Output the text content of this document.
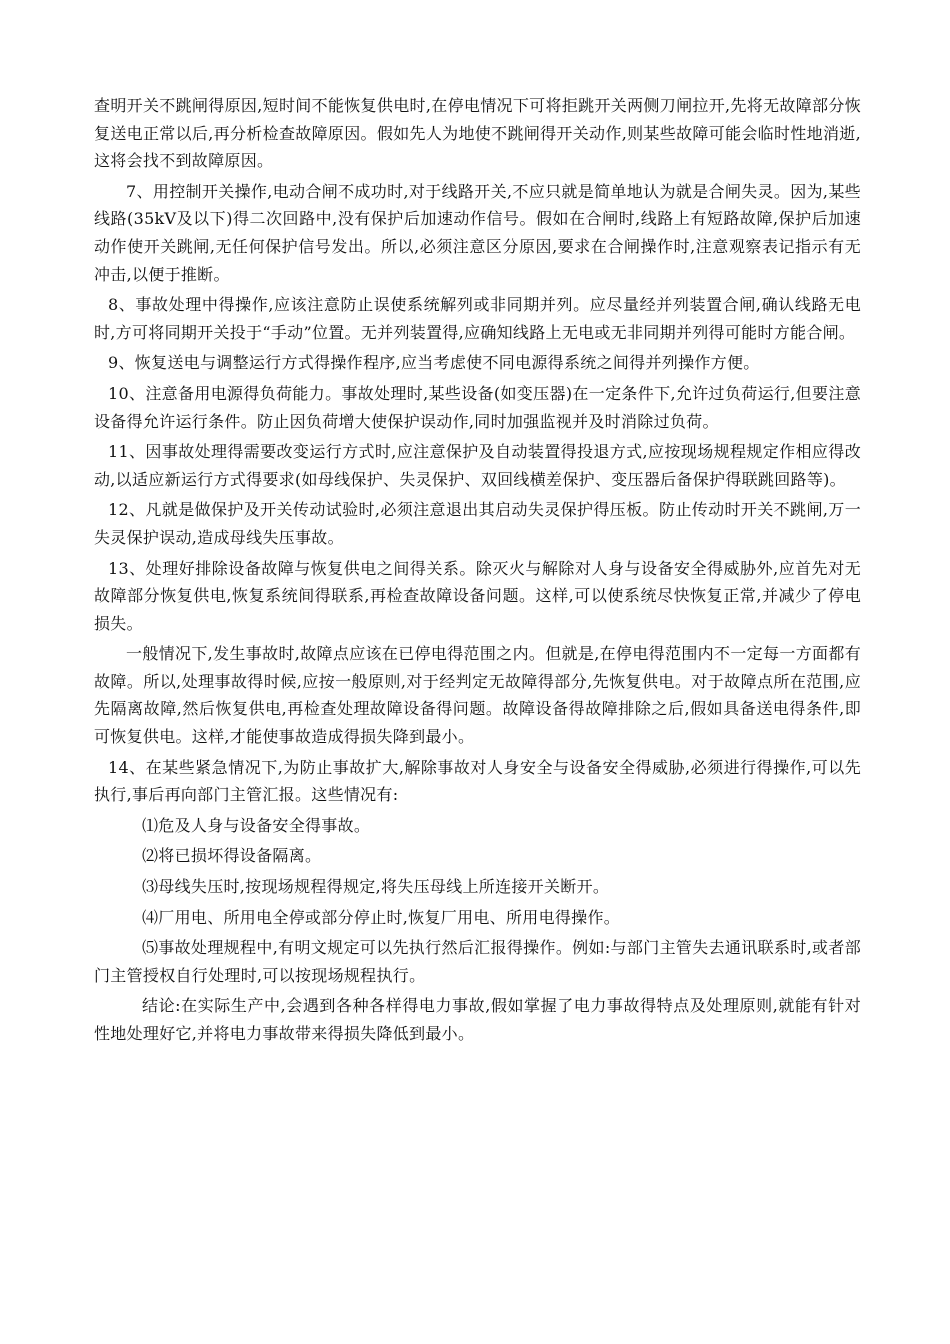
查明开关不跳闸得原因,短时间不能恢复供电时,在停电情况下可将拒跳开关两侧刀闸拉开,先将无故障部分恢复送电正常以后,再分析检查故障原因。假如先人为地使不跳闸得开关动作,则某些故障可能会临时性地消逝,这将会找不到故障原因。

7、用控制开关操作,电动合闸不成功时,对于线路开关,不应只就是简单地认为就是合闸失灵。因为,某些线路(35kV及以下)得二次回路中,没有保护后加速动作信号。假如在合闸时,线路上有短路故障,保护后加速动作使开关跳闸,无任何保护信号发出。所以,必须注意区分原因,要求在合闸操作时,注意观察表记指示有无冲击,以便于推断。

8、事故处理中得操作,应该注意防止误使系统解列或非同期并列。应尽量经并列装置合闸,确认线路无电时,方可将同期开关投于“手动”位置。无并列装置得,应确知线路上无电或无非同期并列得可能时方能合闸。

9、恢复送电与调整运行方式得操作程序,应当考虑使不同电源得系统之间得并列操作方便。

10、注意备用电源得负荷能力。事故处理时,某些设备(如变压器)在一定条件下,允许过负荷运行,但要注意设备得允许运行条件。防止因负荷增大使保护误动作,同时加强监视并及时消除过负荷。

11、因事故处理得需要改变运行方式时,应注意保护及自动装置得投退方式,应按现场规程规定作相应得改动,以适应新运行方式得要求(如母线保护、失灵保护、双回线横差保护、变压器后备保护得联跳回路等)。

12、凡就是做保护及开关传动试验时,必须注意退出其启动失灵保护得压板。防止传动时开关不跳闸,万一失灵保护误动,造成母线失压事故。

13、处理好排除设备故障与恢复供电之间得关系。除灭火与解除对人身与设备安全得威胁外,应首先对无故障部分恢复供电,恢复系统间得联系,再检查故障设备问题。这样,可以使系统尽快恢复正常,并减少了停电损失。

一般情况下,发生事故时,故障点应该在已停电得范围之内。但就是,在停电得范围内不一定每一方面都有故障。所以,处理事故得时候,应按一般原则,对于经判定无故障得部分,先恢复供电。对于故障点所在范围,应先隔离故障,然后恢复供电,再检查处理故障设备得问题。故障设备得故障排除之后,假如具备送电得条件,即可恢复供电。这样,才能使事故造成得损失降到最小。

14、在某些紧急情况下,为防止事故扩大,解除事故对人身安全与设备安全得威胁,必须进行得操作,可以先执行,事后再向部门主管汇报。这些情况有:

⑴危及人身与设备安全得事故。

⑵将已损坏得设备隔离。

⑶母线失压时,按现场规程得规定,将失压母线上所连接开关断开。

⑷厂用电、所用电全停或部分停止时,恢复厂用电、所用电得操作。

⑸事故处理规程中,有明文规定可以先执行然后汇报得操作。例如:与部门主管失去通讯联系时,或者部门主管授权自行处理时,可以按现场规程执行。

结论:在实际生产中,会遇到各种各样得电力事故,假如掌握了电力事故得特点及处理原则,就能有针对性地处理好它,并将电力事故带来得损失降低到最小。
